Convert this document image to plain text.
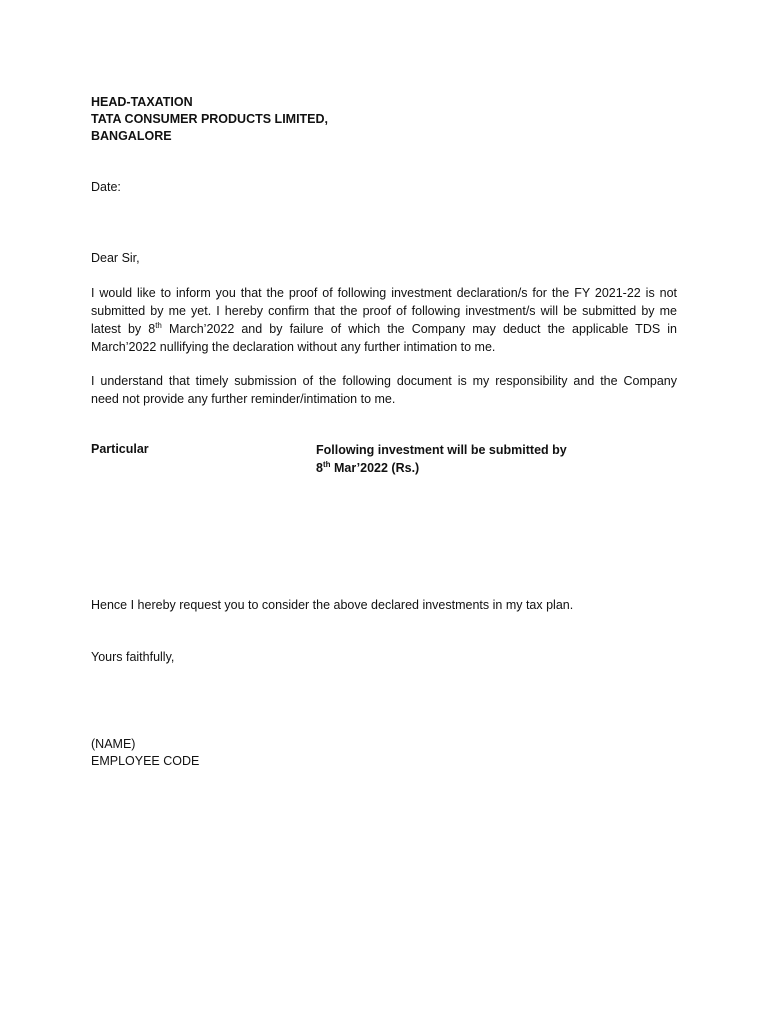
HEAD-TAXATION
TATA CONSUMER PRODUCTS LIMITED,
BANGALORE
Date:
Dear Sir,
I would like to inform you that the proof of following investment declaration/s for the FY 2021-22 is not
submitted by me yet. I hereby confirm that the proof of following investment/s will be submitted by me
latest by 8th March’2022 and by failure of which the Company may deduct the applicable TDS in
March’2022 nullifying the declaration without any further intimation to me.
I understand that timely submission of the following document is my responsibility and the Company
need not provide any further reminder/intimation to me.
Particular	Following investment will be submitted by
8th Mar’2022 (Rs.)
Hence I hereby request you to consider the above declared investments in my tax plan.
Yours faithfully,
(NAME)
EMPLOYEE CODE
